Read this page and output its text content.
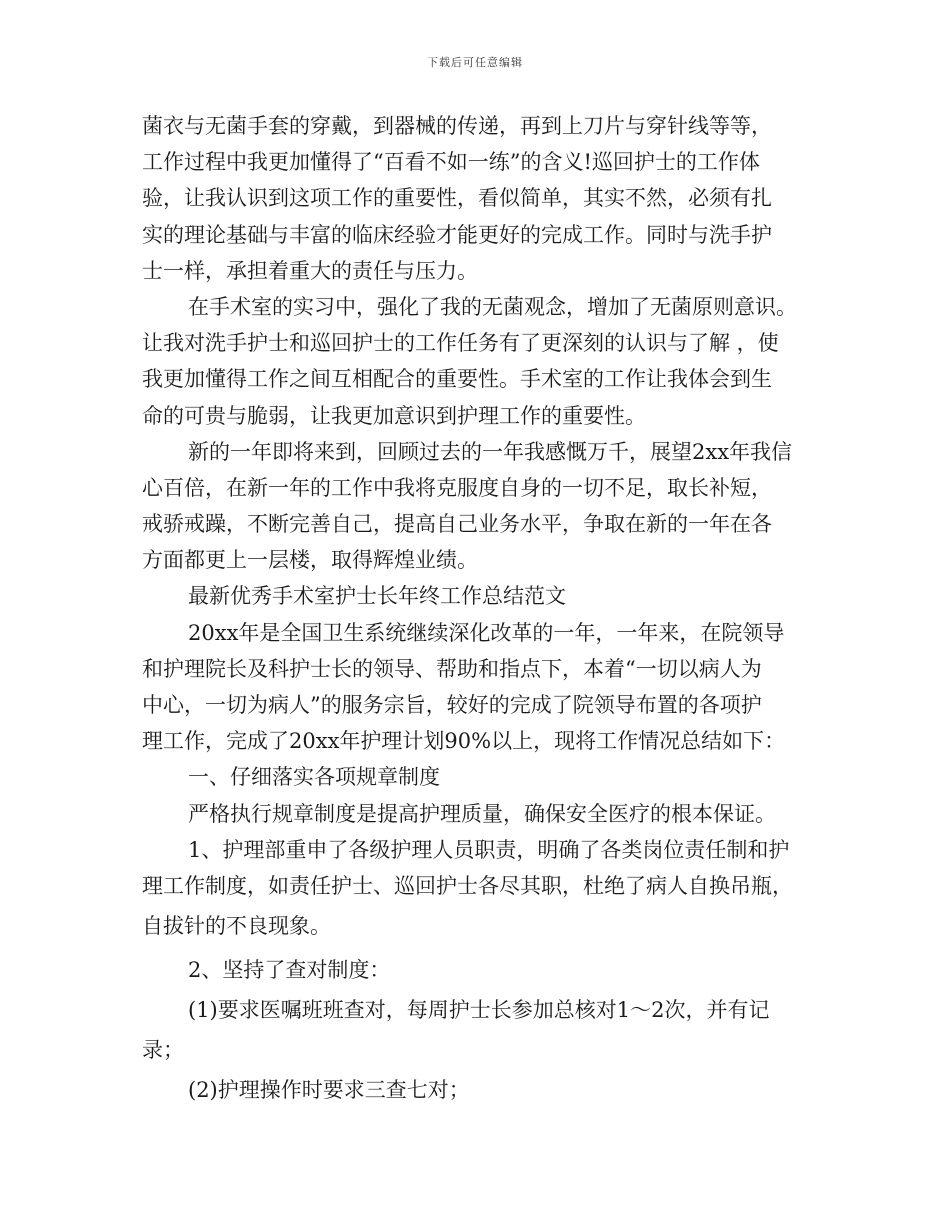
下载后可任意编辑
菌衣与无菌手套的穿戴，到器械的传递，再到上刀片与穿针线等等，
工作过程中我更加懂得了“百看不如一练”的含义!巡回护士的工作体
验，让我认识到这项工作的重要性，看似简单，其实不然，必须有扎
实的理论基础与丰富的临床经验才能更好的完成工作。同时与洗手护
士一样，承担着重大的责任与压力。
在手术室的实习中，强化了我的无菌观念，增加了无菌原则意识。
让我对洗手护士和巡回护士的工作任务有了更深刻的认识与了解 ，使
我更加懂得工作之间互相配合的重要性。手术室的工作让我体会到生
命的可贵与脆弱，让我更加意识到护理工作的重要性。
新的一年即将来到，回顾过去的一年我感慨万千，展望2xx年我信
心百倍，在新一年的工作中我将克服度自身的一切不足，取长补短，
戒骄戒躁，不断完善自己，提高自己业务水平，争取在新的一年在各
方面都更上一层楼，取得辉煌业绩。
最新优秀手术室护士长年终工作总结范文
20xx年是全国卫生系统继续深化改革的一年，一年来，在院领导
和护理院长及科护士长的领导、帮助和指点下，本着“一切以病人为
中心，一切为病人”的服务宗旨，较好的完成了院领导布置的各项护
理工作，完成了20xx年护理计划90%以上，现将工作情况总结如下：
一、仔细落实各项规章制度
严格执行规章制度是提高护理质量，确保安全医疗的根本保证。
1、护理部重申了各级护理人员职责，明确了各类岗位责任制和护
理工作制度，如责任护士、巡回护士各尽其职，杜绝了病人自换吊瓶，
自拔针的不良现象。
2、坚持了查对制度：
(1)要求医嘱班班查对，每周护士长参加总核对1～2次，并有记
录；
(2)护理操作时要求三查七对；
